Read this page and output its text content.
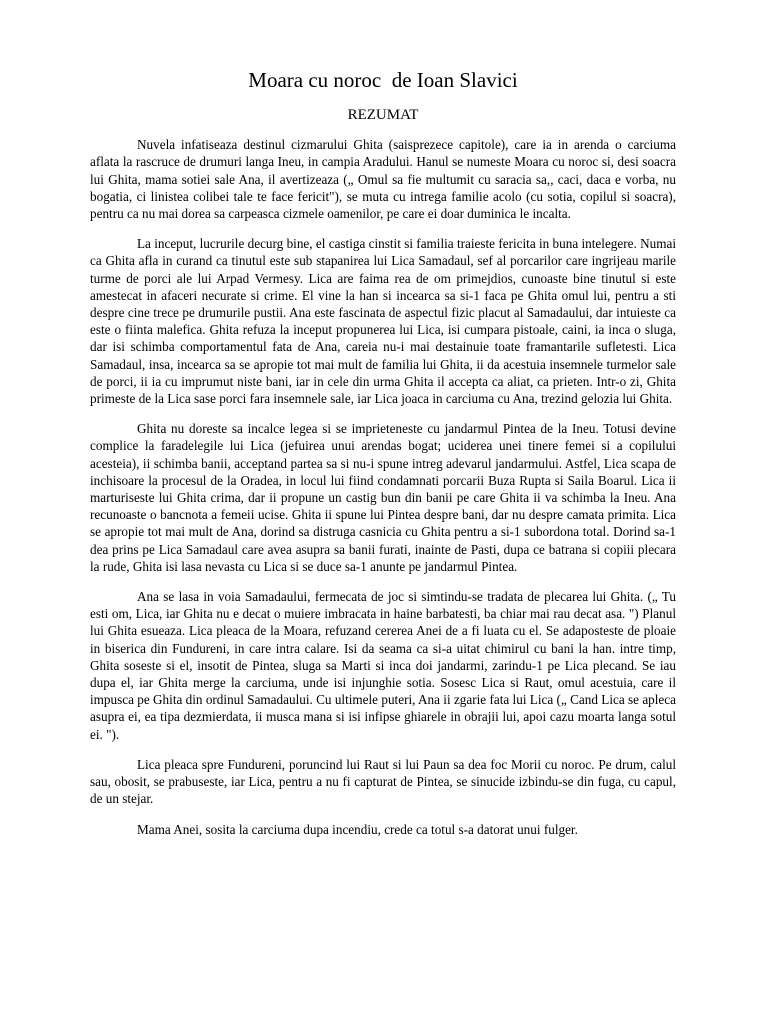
Moara cu noroc  de Ioan Slavici
REZUMAT

Nuvela infatiseaza destinul cizmarului Ghita (saisprezece capitole), care ia in arenda o carciuma aflata la rascruce de drumuri langa Ineu, in campia Aradului. Hanul se numeste Moara cu noroc si, desi soacra lui Ghita, mama sotiei sale Ana, il avertizeaza („ Omul sa fie multumit cu saracia sa,, caci, daca e vorba, nu bogatia, ci linistea colibei tale te face fericit"), se muta cu intrega familie acolo (cu sotia, copilul si soacra), pentru ca nu mai dorea sa carpeasca cizmele oamenilor, pe care ei doar duminica le incalta.

La inceput, lucrurile decurg bine, el castiga cinstit si familia traieste fericita in buna intelegere. Numai ca Ghita afla in curand ca tinutul este sub stapanirea lui Lica Samadaul, sef al porcarilor care ingrijeau marile turme de porci ale lui Arpad Vermesy. Lica are faima rea de om primejdios, cunoaste bine tinutul si este amestecat in afaceri necurate si crime. El vine la han si incearca sa si-1 faca pe Ghita omul lui, pentru a sti despre cine trece pe drumurile pustii. Ana este fascinata de aspectul fizic placut al Samadaului, dar intuieste ca este o fiinta malefica. Ghita refuza la inceput propunerea lui Lica, isi cumpara pistoale, caini, ia inca o sluga, dar isi schimba comportamentul fata de Ana, careia nu-i mai destainuie toate framantarile sufletesti. Lica Samadaul, insa, incearca sa se apropie tot mai mult de familia lui Ghita, ii da acestuia insemnele turmelor sale de porci, ii ia cu imprumut niste bani, iar in cele din urma Ghita il accepta ca aliat, ca prieten. Intr-o zi, Ghita primeste de la Lica sase porci fara insemnele sale, iar Lica joaca in carciuma cu Ana, trezind gelozia lui Ghita.

Ghita nu doreste sa incalce legea si se imprieteneste cu jandarmul Pintea de la Ineu. Totusi devine complice la faradelegile lui Lica (jefuirea unui arendas bogat; uciderea unei tinere femei si a copilului acesteia), ii schimba banii, acceptand partea sa si nu-i spune intreg adevarul jandarmului. Astfel, Lica scapa de inchisoare la procesul de la Oradea, in locul lui fiind condamnati porcarii Buza Rupta si Saila Boarul. Lica ii marturiseste lui Ghita crima, dar ii propune un castig bun din banii pe care Ghita ii va schimba la Ineu. Ana recunoaste o bancnota a femeii ucise. Ghita ii spune lui Pintea despre bani, dar nu despre camata primita. Lica se apropie tot mai mult de Ana, dorind sa distruga casnicia cu Ghita pentru a si-1 subordona total. Dorind sa-1 dea prins pe Lica Samadaul care avea asupra sa banii furati, inainte de Pasti, dupa ce batrana si copiii plecara la rude, Ghita isi lasa nevasta cu Lica si se duce sa-1 anunte pe jandarmul Pintea.

Ana se lasa in voia Samadaului, fermecata de joc si simtindu-se tradata de plecarea lui Ghita. („ Tu esti om, Lica, iar Ghita nu e decat o muiere imbracata in haine barbatesti, ba chiar mai rau decat asa. ") Planul lui Ghita esueaza. Lica pleaca de la Moara, refuzand cererea Anei de a fi luata cu el. Se adaposteste de ploaie in biserica din Fundureni, in care intra calare. Isi da seama ca si-a uitat chimirul cu bani la han. intre timp, Ghita soseste si el, insotit de Pintea, sluga sa Marti si inca doi jandarmi, zarindu-1 pe Lica plecand. Se iau dupa el, iar Ghita merge la carciuma, unde isi injunghie sotia. Sosesc Lica si Raut, omul acestuia, care il impusca pe Ghita din ordinul Samadaului. Cu ultimele puteri, Ana ii zgarie fata lui Lica („ Cand Lica se apleca asupra ei, ea tipa dezmierdata, ii musca mana si isi infipse ghiarele in obrajii lui, apoi cazu moarta langa sotul ei. ").

Lica pleaca spre Fundureni, poruncind lui Raut si lui Paun sa dea foc Morii cu noroc. Pe drum, calul sau, obosit, se prabuseste, iar Lica, pentru a nu fi capturat de Pintea, se sinucide izbindu-se din fuga, cu capul, de un stejar.

Mama Anei, sosita la carciuma dupa incendiu, crede ca totul s-a datorat unui fulger.
